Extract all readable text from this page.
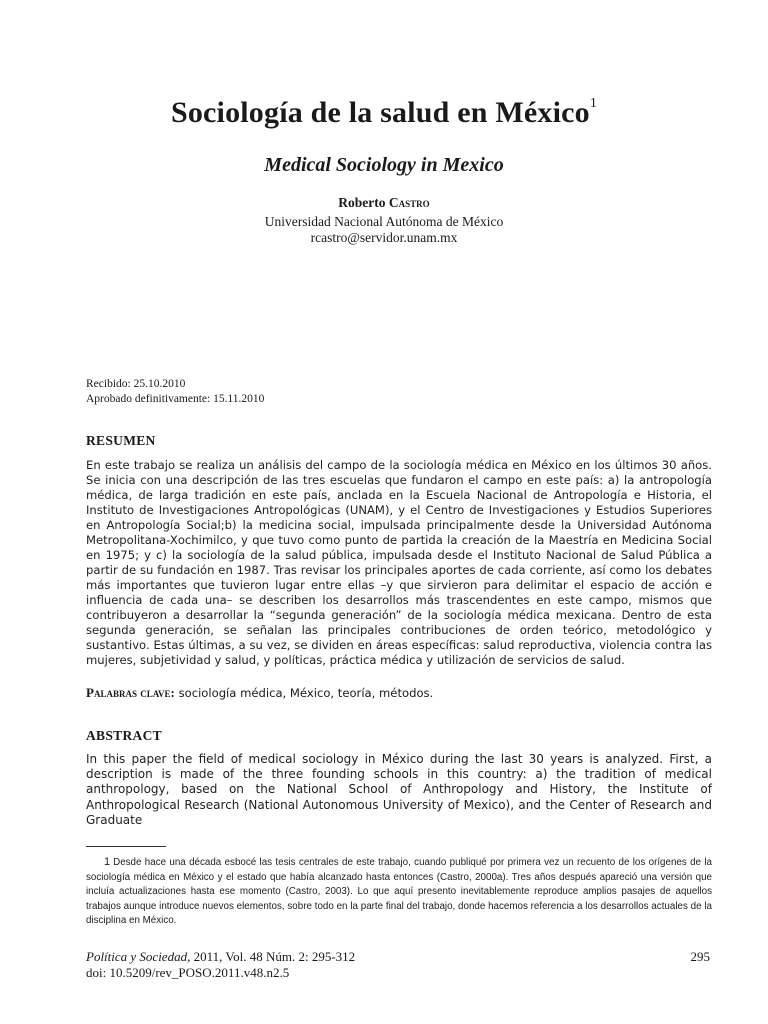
Sociología de la salud en México$^1$
Medical Sociology in Mexico
Roberto Castro
Universidad Nacional Autónoma de México
rcastro@servidor.unam.mx
Recibido: 25.10.2010
Aprobado definitivamente: 15.11.2010
RESUMEN
En este trabajo se realiza un análisis del campo de la sociología médica en México en los últimos 30 años. Se inicia con una descripción de las tres escuelas que fundaron el campo en este país: a) la antropología médica, de larga tradición en este país, anclada en la Escuela Nacional de Antropología e Historia, el Instituto de Investigaciones Antropológicas (UNAM), y el Centro de Investigaciones y Estudios Superiores en Antropología Social;b) la medicina social, impulsada principalmente desde la Universidad Autónoma Metropolitana-Xochimilco, y que tuvo como punto de partida la creación de la Maestría en Medicina Social en 1975; y c) la sociología de la salud pública, impulsada desde el Instituto Nacional de Salud Pública a partir de su fundación en 1987. Tras revisar los principales aportes de cada corriente, así como los debates más importantes que tuvieron lugar entre ellas –y que sirvieron para delimitar el espacio de acción e influencia de cada una– se describen los desarrollos más trascendentes en este campo, mismos que contribuyeron a desarrollar la “segunda generación” de la sociología médica mexicana. Dentro de esta segunda generación, se señalan las principales contribuciones de orden teórico, metodológico y sustantivo. Estas últimas, a su vez, se dividen en áreas específicas: salud reproductiva, violencia contra las mujeres, subjetividad y salud, y políticas, práctica médica y utilización de servicios de salud.
Palabras clave: sociología médica, México, teoría, métodos.
ABSTRACT
In this paper the field of medical sociology in México during the last 30 years is analyzed. First, a description is made of the three founding schools in this country: a) the tradition of medical anthropology, based on the National School of Anthropology and History, the Institute of Anthropological Research (National Autonomous University of Mexico), and the Center of Research and Graduate
1 Desde hace una década esbocé las tesis centrales de este trabajo, cuando publiqué por primera vez un recuento de los orígenes de la sociología médica en México y el estado que había alcanzado hasta entonces (Castro, 2000a). Tres años después apareció una versión que incluía actualizaciones hasta ese momento (Castro, 2003). Lo que aquí presento inevitablemente reproduce amplios pasajes de aquellos trabajos aunque introduce nuevos elementos, sobre todo en la parte final del trabajo, donde hacemos referencia a los desarrollos actuales de la disciplina en México.
Política y Sociedad, 2011, Vol. 48 Núm. 2: 295-312
doi: 10.5209/rev_POSO.2011.v48.n2.5
295
